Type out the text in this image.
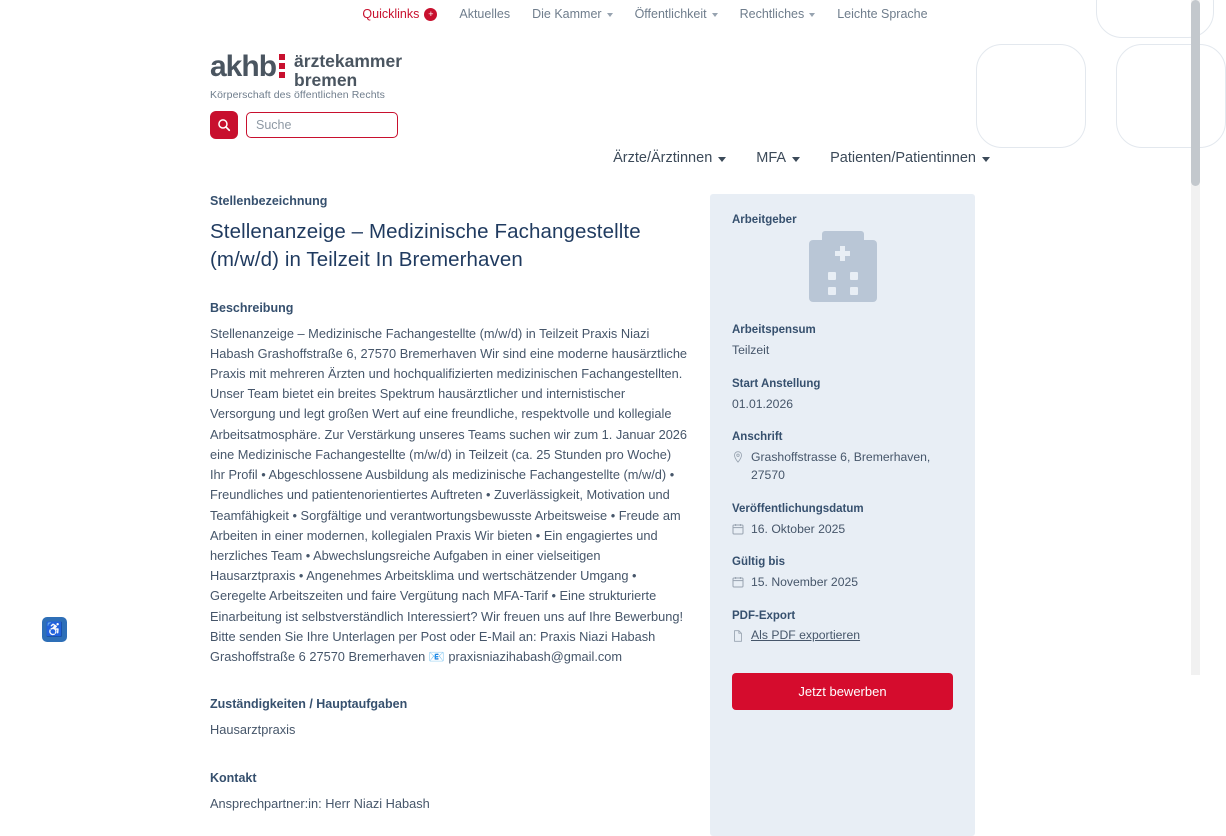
Quicklinks +	Aktuelles Die Kammer	Öffentlichkeit	Rechtliches	Leichte Sprache
akhb	ärztekammer
bremen
Körperschaft des öffentlichen Rechts
Suche
Ärzte/Ärztinnen	MFA	Patienten/Patientinnen
Stellenbezeichnung
Stellenanzeige – Medizinische Fachangestellte (m/w/d) in Teilzeit In Bremerhaven
Beschreibung

Stellenanzeige – Medizinische Fachangestellte (m/w/d) in Teilzeit Praxis Niazi Habash Grashoffstraße 6, 27570 Bremerhaven Wir sind eine moderne hausärztliche Praxis mit mehreren Ärzten und hochqualifizierten medizinischen Fachangestellten. Unser Team bietet ein breites Spektrum hausärztlicher und internistischer Versorgung und legt großen Wert auf eine freundliche, respektvolle und kollegiale Arbeitsatmosphäre. Zur Verstärkung unseres Teams suchen wir zum 1. Januar 2026 eine Medizinische Fachangestellte (m/w/d) in Teilzeit (ca. 25 Stunden pro Woche) Ihr Profil • Abgeschlossene Ausbildung als medizinische Fachangestellte (m/w/d) • Freundliches und patientenorientiertes Auftreten • Zuverlässigkeit, Motivation und Teamfähigkeit • Sorgfältige und verantwortungsbewusste Arbeitsweise • Freude am Arbeiten in einer modernen, kollegialen Praxis Wir bieten • Ein engagiertes und herzliches Team • Abwechslungsreiche Aufgaben in einer vielseitigen Hausarztpraxis • Angenehmes Arbeitsklima und wertschätzender Umgang • Geregelte Arbeitszeiten und faire Vergütung nach MFA-Tarif • Eine strukturierte Einarbeitung ist selbstverständlich Interessiert? Wir freuen uns auf Ihre Bewerbung! Bitte senden Sie Ihre Unterlagen per Post oder E-Mail an: Praxis Niazi Habash Grashoffstraße 6 27570 Bremerhaven 📧 praxisniazihabash@gmail.com

Zuständigkeiten / Hauptaufgaben

Hausarztpraxis

Kontakt

Ansprechpartner:in: Herr Niazi Habash

Arbeitgeber
Arbeitspensum
Teilzeit
Start Anstellung
01.01.2026
Anschrift
Grashoffstrasse 6, Bremerhaven, 27570
Veröffentlichungsdatum
16. Oktober 2025
Gültig bis
15. November 2025
PDF-Export
Als PDF exportieren
Jetzt bewerben
♿
